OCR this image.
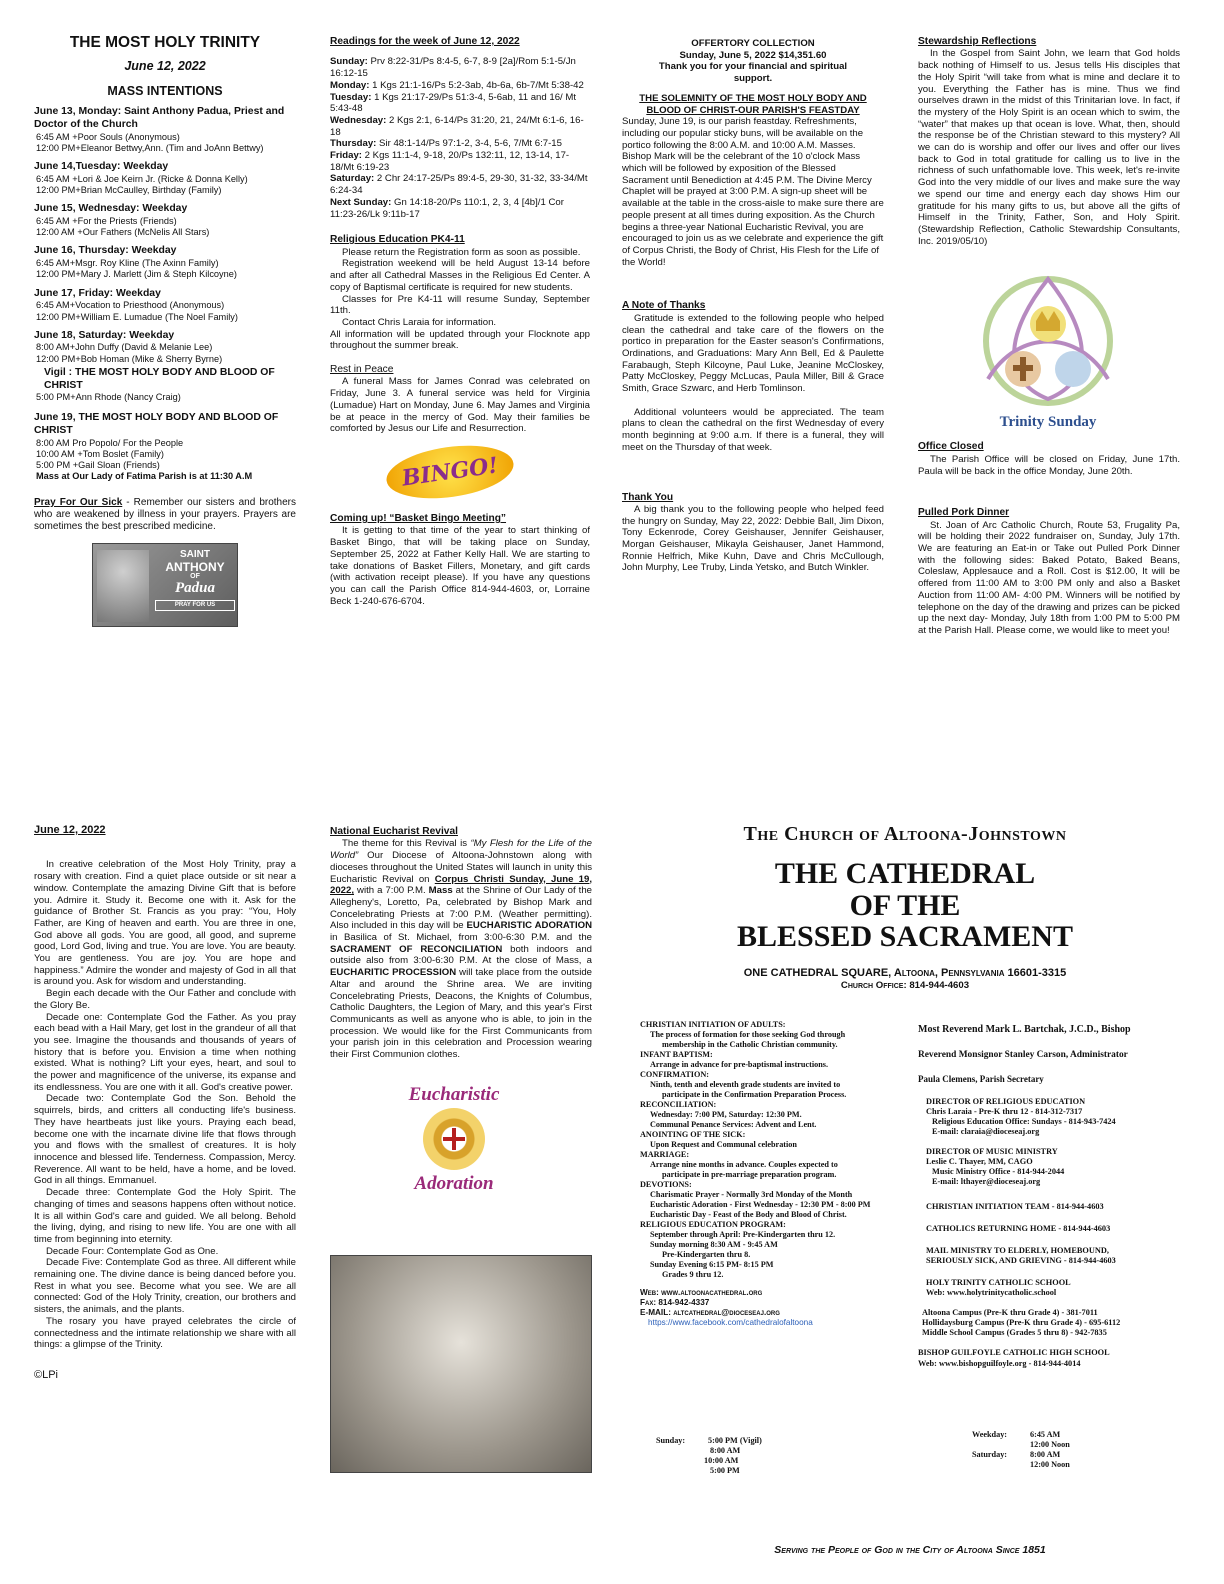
THE MOST HOLY TRINITY
June 12, 2022
MASS INTENTIONS
June 13, Monday: Saint Anthony Padua, Priest and Doctor of the Church
6:45 AM +Poor Souls (Anonymous)
12:00 PM+Eleanor Bettwy,Ann. (Tim and JoAnn Bettwy)
June 14,Tuesday: Weekday
6:45 AM +Lori & Joe Keirn Jr. (Ricke & Donna Kelly)
12:00 PM+Brian McCaulley, Birthday (Family)
June 15, Wednesday: Weekday
6:45 AM +For the Priests (Friends)
12:00 AM +Our Fathers (McNelis All Stars)
June 16, Thursday: Weekday
6:45 AM+Msgr. Roy Kline (The Axinn Family)
12:00 PM+Mary J. Marlett (Jim & Steph Kilcoyne)
June 17, Friday: Weekday
6:45 AM+Vocation to Priesthood (Anonymous)
12:00 PM+William E. Lumadue (The Noel Family)
June 18, Saturday: Weekday
8:00 AM+John Duffy (David & Melanie Lee)
12:00 PM+Bob Homan (Mike & Sherry Byrne)
Vigil : THE MOST HOLY BODY AND BLOOD OF CHRIST
5:00 PM+Ann Rhode (Nancy Craig)
June 19, THE MOST HOLY BODY AND BLOOD OF CHRIST
8:00 AM Pro Popolo/ For the People
10:00 AM +Tom Boslet (Family)
5:00 PM +Gail Sloan (Friends)
Mass at Our Lady of Fatima Parish is at 11:30 A.M

Pray For Our Sick - Remember our sisters and brothers who are weakened by illness in your prayers. Prayers are sometimes the best prescribed medicine.

SAINT
ANTHONY
OF
Padua
PRAY FOR US
Readings for the week of June 12, 2022

Sunday: Prv 8:22-31/Ps 8:4-5, 6-7, 8-9 [2a]/Rom 5:1-5/Jn 16:12-15

Monday: 1 Kgs 21:1-16/Ps 5:2-3ab, 4b-6a, 6b-7/Mt 5:38-42

Tuesday: 1 Kgs 21:17-29/Ps 51:3-4, 5-6ab, 11 and 16/ Mt 5:43-48

Wednesday: 2 Kgs 2:1, 6-14/Ps 31:20, 21, 24/Mt 6:1-6, 16-18

Thursday: Sir 48:1-14/Ps 97:1-2, 3-4, 5-6, 7/Mt 6:7-15

Friday: 2 Kgs 11:1-4, 9-18, 20/Ps 132:11, 12, 13-14, 17-18/Mt 6:19-23

Saturday: 2 Chr 24:17-25/Ps 89:4-5, 29-30, 31-32, 33-34/Mt 6:24-34

Next Sunday: Gn 14:18-20/Ps 110:1, 2, 3, 4 [4b]/1 Cor 11:23-26/Lk 9:11b-17

Religious Education PK4-11

Please return the Registration form as soon as possible.

Registration weekend will be held August 13-14 before and after all Cathedral Masses in the Religious Ed Center. A copy of Baptismal certificate is required for new students.

Classes for Pre K4-11 will resume Sunday, September 11th.

Contact Chris Laraia for information.

All information will be updated through your Flocknote app throughout the summer break.

Rest in Peace

A funeral Mass for James Conrad was celebrated on Friday, June 3. A funeral service was held for Virginia (Lumadue) Hart on Monday, June 6. May James and Virginia be at peace in the mercy of God. May their families be comforted by Jesus our Life and Resurrection.

BINGO!
Coming up! “Basket Bingo Meeting”

It is getting to that time of the year to start thinking of Basket Bingo, that will be taking place on Sunday, September 25, 2022 at Father Kelly Hall. We are starting to take donations of Basket Fillers, Monetary, and gift cards (with activation receipt please). If you have any questions you can call the Parish Office 814-944-4603, or, Lorraine Beck 1-240-676-6704.

OFFERTORY COLLECTION
Sunday, June 5, 2022 $14,351.60
Thank you for your financial and spiritual support.
THE SOLEMNITY OF THE MOST HOLY BODY AND BLOOD OF CHRIST-OUR PARISH'S FEASTDAY

Sunday, June 19, is our parish feastday. Refreshments, including our popular sticky buns, will be available on the portico following the 8:00 A.M. and 10:00 A.M. Masses. Bishop Mark will be the celebrant of the 10 o'clock Mass which will be followed by exposition of the Blessed Sacrament until Benediction at 4:45 P.M. The Divine Mercy Chaplet will be prayed at 3:00 P.M. A sign-up sheet will be available at the table in the cross-aisle to make sure there are people present at all times during exposition. As the Church begins a three-year National Eucharistic Revival, you are encouraged to join us as we celebrate and experience the gift of Corpus Christi, the Body of Christ, His Flesh for the Life of the World!

A Note of Thanks

Gratitude is extended to the following people who helped clean the cathedral and take care of the flowers on the portico in preparation for the Easter season's Confirmations, Ordinations, and Graduations: Mary Ann Bell, Ed & Paulette Farabaugh, Steph Kilcoyne, Paul Luke, Jeanine McCloskey, Patty McCloskey, Peggy McLucas, Paula Miller, Bill & Grace Smith, Grace Szwarc, and Herb Tomlinson.

Additional volunteers would be appreciated. The team plans to clean the cathedral on the first Wednesday of every month beginning at 9:00 a.m. If there is a funeral, they will meet on the Thursday of that week.

Thank You

A big thank you to the following people who helped feed the hungry on Sunday, May 22, 2022: Debbie Ball, Jim Dixon, Tony Eckenrode, Corey Geishauser, Jennifer Geishauser, Morgan Geishauser, Mikayla Geishauser, Janet Hammond, Ronnie Helfrich, Mike Kuhn, Dave and Chris McCullough, John Murphy, Lee Truby, Linda Yetsko, and Butch Winkler.

Stewardship Reflections

In the Gospel from Saint John, we learn that God holds back nothing of Himself to us. Jesus tells His disciples that the Holy Spirit “will take from what is mine and declare it to you. Everything the Father has is mine. Thus we find ourselves drawn in the midst of this Trinitarian love. In fact, if the mystery of the Holy Spirit is an ocean which to swim, the “water” that makes up that ocean is love. What, then, should the response be of the Christian steward to this mystery? All we can do is worship and offer our lives and offer our lives back to God in total gratitude for calling us to live in the richness of such unfathomable love. This week, let's re-invite God into the very middle of our lives and make sure the way we spend our time and energy each day shows Him our gratitude for his many gifts to us, but above all the gifts of Himself in the Trinity, Father, Son, and Holy Spirit. (Stewardship Reflection, Catholic Stewardship Consultants, Inc. 2019/05/10)

Trinity Sunday
Office Closed

The Parish Office will be closed on Friday, June 17th. Paula will be back in the office Monday, June 20th.

Pulled Pork Dinner

St. Joan of Arc Catholic Church, Route 53, Frugality Pa, will be holding their 2022 fundraiser on, Sunday, July 17th. We are featuring an Eat-in or Take out Pulled Pork Dinner with the following sides: Baked Potato, Baked Beans, Coleslaw, Applesauce and a Roll. Cost is $12.00, It will be offered from 11:00 AM to 3:00 PM only and also a Basket Auction from 11:00 AM- 4:00 PM. Winners will be notified by telephone on the day of the drawing and prizes can be picked up the next day- Monday, July 18th from 1:00 PM to 5:00 PM at the Parish Hall. Please come, we would like to meet you!

June 12, 2022

In creative celebration of the Most Holy Trinity, pray a rosary with creation. Find a quiet place outside or sit near a window. Contemplate the amazing Divine Gift that is before you. Admire it. Study it. Become one with it. Ask for the guidance of Brother St. Francis as you pray: “You, Holy Father, are King of heaven and earth. You are three in one, God above all gods. You are good, all good, and supreme good, Lord God, living and true. You are love. You are beauty. You are gentleness. You are joy. You are hope and happiness.” Admire the wonder and majesty of God in all that is around you. Ask for wisdom and understanding.

Begin each decade with the Our Father and conclude with the Glory Be.

Decade one: Contemplate God the Father. As you pray each bead with a Hail Mary, get lost in the grandeur of all that you see. Imagine the thousands and thousands of years of history that is before you. Envision a time when nothing existed. What is nothing? Lift your eyes, heart, and soul to the power and magnificence of the universe, its expanse and its endlessness. You are one with it all. God's creative power.

Decade two: Contemplate God the Son. Behold the squirrels, birds, and critters all conducting life's business. They have heartbeats just like yours. Praying each bead, become one with the incarnate divine life that flows through you and flows with the smallest of creatures. It is holy innocence and blessed life. Tenderness. Compassion, Mercy. Reverence. All want to be held, have a home, and be loved. God in all things. Emmanuel.

Decade three: Contemplate God the Holy Spirit. The changing of times and seasons happens often without notice. It is all within God's care and guided. We all belong. Behold the living, dying, and rising to new life. You are one with all time from beginning into eternity.

Decade Four: Contemplate God as One.

Decade Five: Contemplate God as three. All different while remaining one. The divine dance is being danced before you. Rest in what you see. Become what you see. We are all connected: God of the Holy Trinity, creation, our brothers and sisters, the animals, and the plants.

The rosary you have prayed celebrates the circle of connectedness and the intimate relationship we share with all things: a glimpse of the Trinity.

©LPi
National Eucharist Revival

The theme for this Revival is “My Flesh for the Life of the World” Our Diocese of Altoona-Johnstown along with dioceses throughout the United States will launch in unity this Eucharistic Revival on Corpus Christi Sunday, June 19, 2022, with a 7:00 P.M. Mass at the Shrine of Our Lady of the Allegheny's, Loretto, Pa, celebrated by Bishop Mark and Concelebrating Priests at 7:00 P.M. (Weather permitting). Also included in this day will be EUCHARISTIC ADORATION in Basilica of St. Michael, from 3:00-6:30 P.M. and the SACRAMENT OF RECONCILIATION both indoors and outside also from 3:00-6:30 P.M. At the close of Mass, a EUCHARITIC PROCESSION will take place from the outside Altar and around the Shrine area. We are inviting Concelebrating Priests, Deacons, the Knights of Columbus, Catholic Daughters, the Legion of Mary, and this year's First Communicants as well as anyone who is able, to join in the procession. We would like for the First Communicants from your parish join in this celebration and Procession wearing their First Communion clothes.

Eucharistic
Adoration
The Church of Altoona-Johnstown
THE CATHEDRAL
OF THE
BLESSED SACRAMENT
ONE CATHEDRAL SQUARE, Altoona, Pennsylvania 16601-3315
Church Office: 814-944-4603

CHRISTIAN INITIATION OF ADULTS:

The process of formation for those seeking God through

membership in the Catholic Christian community.

INFANT BAPTISM:

Arrange in advance for pre-baptismal instructions.

CONFIRMATION:

Ninth, tenth and eleventh grade students are invited to

participate in the Confirmation Preparation Process.

RECONCILIATION:

Wednesday: 7:00 PM, Saturday: 12:30 PM.

Communal Penance Services: Advent and Lent.

ANOINTING OF THE SICK:

Upon Request and Communal celebration

MARRIAGE:

Arrange nine months in advance. Couples expected to

participate in pre-marriage preparation program.

DEVOTIONS:

Charismatic Prayer - Normally 3rd Monday of the Month

Eucharistic Adoration - First Wednesday - 12:30 PM - 8:00 PM

Eucharistic Day - Feast of the Body and Blood of Christ.

RELIGIOUS EDUCATION PROGRAM:

September through April: Pre-Kindergarten thru 12.

Sunday morning 8:30 AM - 9:45 AM

Pre-Kindergarten thru 8.

Sunday Evening 6:15 PM- 8:15 PM

Grades 9 thru 12.

Web: www.altoonacathedral.org

Fax: 814-942-4337

E-MAIL: altcathedral@dioceseaj.org

https://www.facebook.com/cathedralofaltoona

Sunday:	5:00 PM (Vigil)
8:00 AM
10:00 AM
5:00 PM
Weekday:	6:45 AM
12:00 Noon
Saturday:	8:00 AM
12:00 Noon

Most Reverend Mark L. Bartchak, J.C.D., Bishop

Reverend Monsignor Stanley Carson, Administrator

Paula Clemens, Parish Secretary

DIRECTOR OF RELIGIOUS EDUCATION
Chris Laraia - Pre-K thru 12 - 814-312-7317
Religious Education Office: Sundays - 814-943-7424
E-mail: claraia@dioceseaj.org
DIRECTOR OF MUSIC MINISTRY
Leslie C. Thayer, MM, CAGO
Music Ministry Office - 814-944-2044
E-mail: lthayer@dioceseaj.org

CHRISTIAN INITIATION TEAM - 814-944-4603

CATHOLICS RETURNING HOME - 814-944-4603

MAIL MINISTRY TO ELDERLY, HOMEBOUND,
SERIOUSLY SICK, AND GRIEVING - 814-944-4603
HOLY TRINITY CATHOLIC SCHOOL
Web: www.holytrinitycatholic.school
Altoona Campus (Pre-K thru Grade 4) - 381-7011
Hollidaysburg Campus (Pre-K thru Grade 4) - 695-6112
Middle School Campus (Grades 5 thru 8) - 942-7835
BISHOP GUILFOYLE CATHOLIC HIGH SCHOOL
Web: www.bishopguilfoyle.org - 814-944-4014
Serving the People of God in the City of Altoona Since 1851
